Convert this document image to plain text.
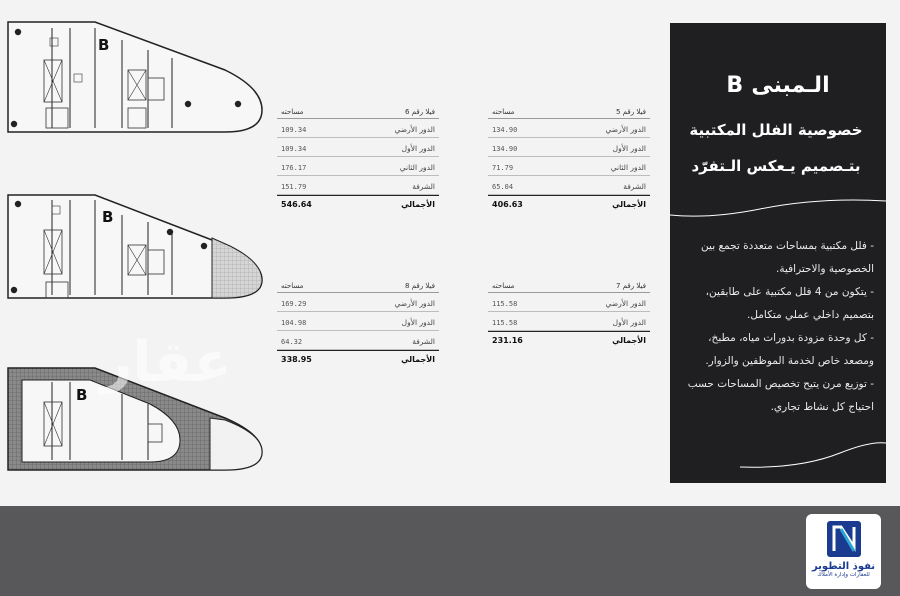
B
B
B عقار
فيلا رقم 5
مساحته
الدور الأرضي
134.90
الدور الأول
134.90
الدور الثاني
71.79
الشرفة
65.04
الأجمالي
406.63
فيلا رقم 6
مساحته
الدور الأرضي
109.34
الدور الأول
109.34
الدور الثاني
176.17
الشرفة
151.79
الأجمالي
546.64
فيلا رقم 7
مساحته
الدور الأرضي
115.58
الدور الأول
115.58
الأجمالي
231.16
فيلا رقم 8
مساحته
الدور الأرضي
169.29
الدور الأول
104.98
الشرفة
64.32
الأجمالي
338.95
الـمبنى B
خصوصية الفلل المكتبية
بتـصميم يـعكس الـتفرّد
- فلل مكتبية بمساحات متعددة تجمع بين
الخصوصية والاحترافية.
- يتكون من 4 فلل مكتبية على طابقين،
بتصميم داخلي عملي متكامل.
- كل وحدة مزودة بدورات مياه، مطبخ،
ومصعد خاص لخدمة الموظفين والزوار.
- توزيع مرن يتيح تخصيص المساحات حسب
احتياج كل نشاط تجاري.
نفوذ التطوير
للعقارات وإدارة الأملاك
